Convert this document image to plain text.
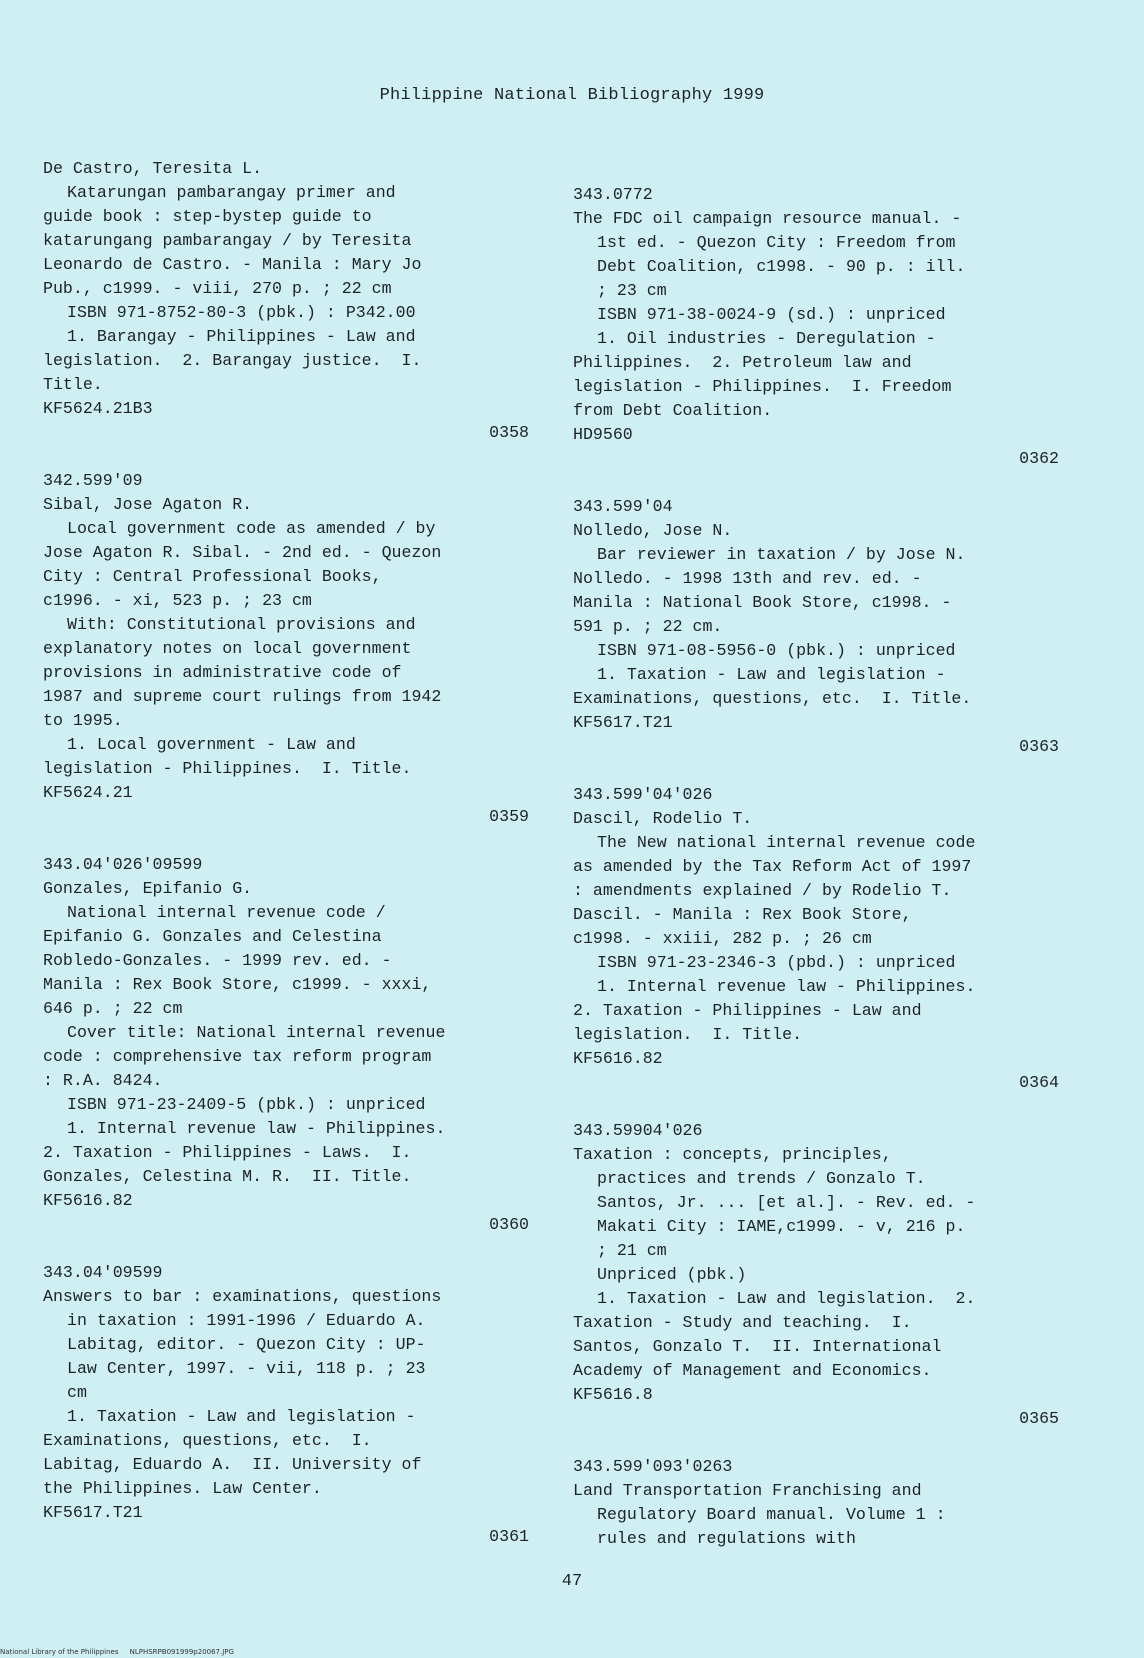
Philippine National Bibliography 1999
De Castro, Teresita L.
Katarungan pambarangay primer and
guide book : step-bystep guide to
katarungang pambarangay / by Teresita
Leonardo de Castro. - Manila : Mary Jo
Pub., c1999. - viii, 270 p. ; 22 cm
ISBN 971-8752-80-3 (pbk.) : P342.00
1. Barangay - Philippines - Law and
legislation.  2. Barangay justice.  I.
Title.
KF5624.21B3
0358
342.599'09
Sibal, Jose Agaton R.
Local government code as amended / by
Jose Agaton R. Sibal. - 2nd ed. - Quezon
City : Central Professional Books,
c1996. - xi, 523 p. ; 23 cm
With: Constitutional provisions and
explanatory notes on local government
provisions in administrative code of
1987 and supreme court rulings from 1942
to 1995.
1. Local government - Law and
legislation - Philippines.  I. Title.
KF5624.21
0359
343.04'026'09599
Gonzales, Epifanio G.
National internal revenue code /
Epifanio G. Gonzales and Celestina
Robledo-Gonzales. - 1999 rev. ed. -
Manila : Rex Book Store, c1999. - xxxi,
646 p. ; 22 cm
Cover title: National internal revenue
code : comprehensive tax reform program
: R.A. 8424.
ISBN 971-23-2409-5 (pbk.) : unpriced
1. Internal revenue law - Philippines.
2. Taxation - Philippines - Laws.  I.
Gonzales, Celestina M. R.  II. Title.
KF5616.82
0360
343.04'09599
Answers to bar : examinations, questions
in taxation : 1991-1996 / Eduardo A.
Labitag, editor. - Quezon City : UP-
Law Center, 1997. - vii, 118 p. ; 23
cm
1. Taxation - Law and legislation -
Examinations, questions, etc.  I.
Labitag, Eduardo A.  II. University of
the Philippines. Law Center.
KF5617.T21
0361
343.0772
The FDC oil campaign resource manual. -
1st ed. - Quezon City : Freedom from
Debt Coalition, c1998. - 90 p. : ill.
; 23 cm
ISBN 971-38-0024-9 (sd.) : unpriced
1. Oil industries - Deregulation -
Philippines.  2. Petroleum law and
legislation - Philippines.  I. Freedom
from Debt Coalition.
HD9560
0362
343.599'04
Nolledo, Jose N.
Bar reviewer in taxation / by Jose N.
Nolledo. - 1998 13th and rev. ed. -
Manila : National Book Store, c1998. -
591 p. ; 22 cm.
ISBN 971-08-5956-0 (pbk.) : unpriced
1. Taxation - Law and legislation -
Examinations, questions, etc.  I. Title.
KF5617.T21
0363
343.599'04'026
Dascil, Rodelio T.
The New national internal revenue code
as amended by the Tax Reform Act of 1997
: amendments explained / by Rodelio T.
Dascil. - Manila : Rex Book Store,
c1998. - xxiii, 282 p. ; 26 cm
ISBN 971-23-2346-3 (pbd.) : unpriced
1. Internal revenue law - Philippines.
2. Taxation - Philippines - Law and
legislation.  I. Title.
KF5616.82
0364
343.59904'026
Taxation : concepts, principles,
practices and trends / Gonzalo T.
Santos, Jr. ... [et al.]. - Rev. ed. -
Makati City : IAME,c1999. - v, 216 p.
; 21 cm
Unpriced (pbk.)
1. Taxation - Law and legislation.  2.
Taxation - Study and teaching.  I.
Santos, Gonzalo T.  II. International
Academy of Management and Economics.
KF5616.8
0365
343.599'093'0263
Land Transportation Franchising and
Regulatory Board manual. Volume 1 :
rules and regulations with
47
National Library of the Philippines     NLPHSRPB091999p20067.JPG
